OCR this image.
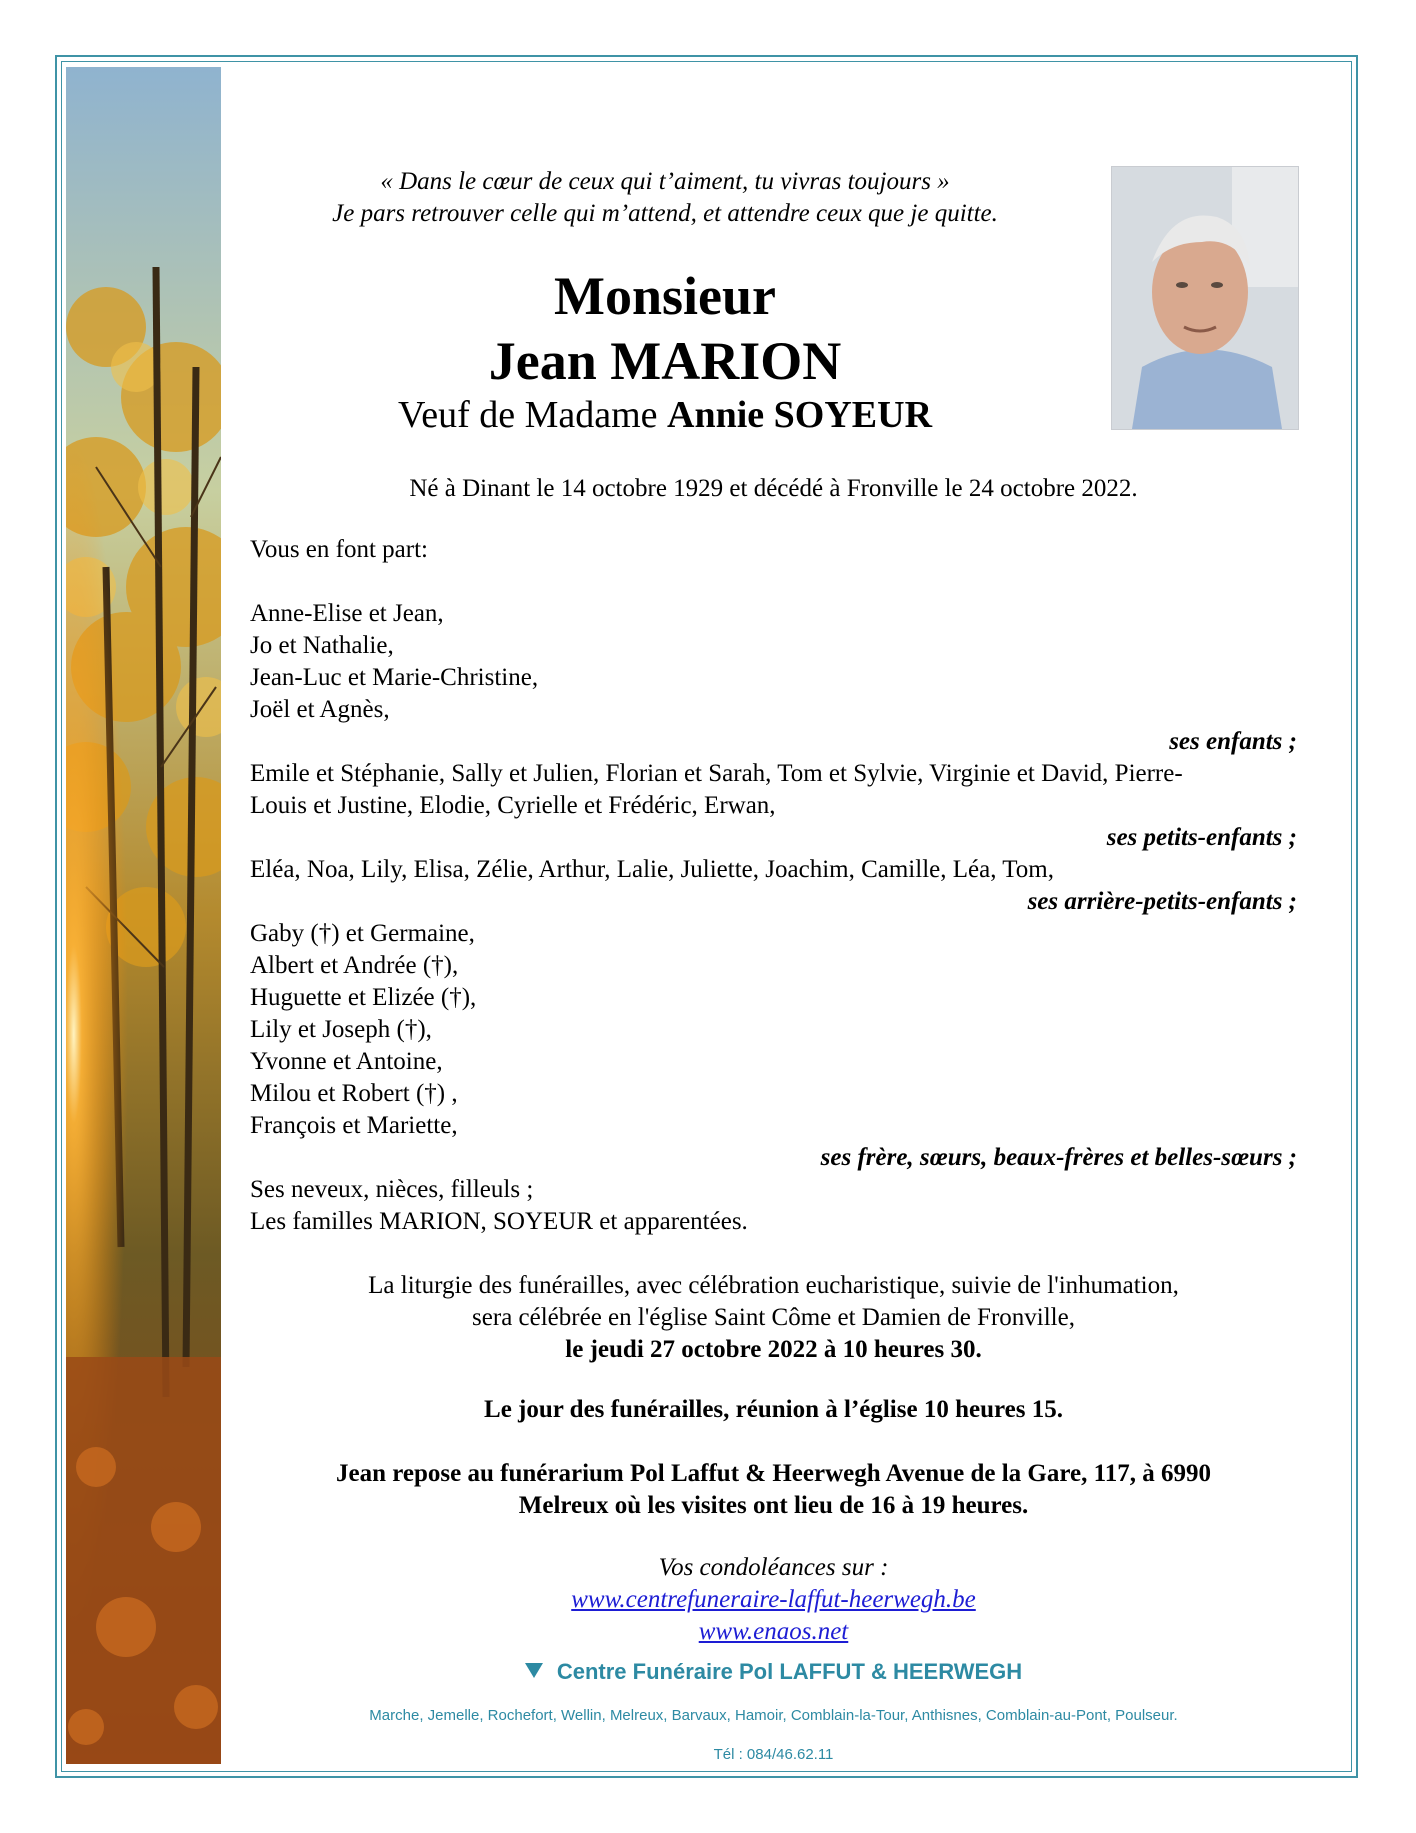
« Dans le cœur de ceux qui t’aiment, tu vivras toujours »
Je pars retrouver celle qui m’attend, et attendre ceux que je quitte.
Monsieur
Jean MARION
Veuf de Madame Annie SOYEUR
Né à Dinant le 14 octobre 1929 et décédé à Fronville le 24 octobre 2022.
Vous en font part:
Anne-Elise et Jean,
Jo et Nathalie,
Jean-Luc et Marie-Christine,
Joël et Agnès,
ses enfants ;
Emile et Stéphanie, Sally et Julien, Florian et Sarah, Tom et Sylvie, Virginie et David, Pierre-
Louis et Justine, Elodie, Cyrielle et Frédéric, Erwan,
ses petits-enfants ;
Eléa, Noa, Lily, Elisa, Zélie, Arthur, Lalie, Juliette, Joachim, Camille, Léa, Tom,
ses arrière-petits-enfants ;
Gaby (†) et Germaine,
Albert et Andrée (†),
Huguette et Elizée (†),
Lily et Joseph (†),
Yvonne et Antoine,
Milou et Robert (†) ,
François et Mariette,
ses frère, sœurs, beaux-frères et belles-sœurs ;
Ses neveux, nièces, filleuls ;
Les familles MARION, SOYEUR et apparentées.
La liturgie des funérailles, avec célébration eucharistique, suivie de l'inhumation,
sera célébrée en l'église Saint Côme et Damien de Fronville,
le jeudi 27 octobre 2022 à 10 heures 30.
Le jour des funérailles, réunion à l’église 10 heures 15.
Jean repose au funérarium Pol Laffut & Heerwegh Avenue de la Gare, 117, à 6990
Melreux où les visites ont lieu de 16 à 19 heures.
Vos condoléances sur :
www.centrefuneraire-laffut-heerwegh.be
www.enaos.net
Centre Funéraire Pol LAFFUT & HEERWEGH
Marche, Jemelle, Rochefort, Wellin, Melreux, Barvaux, Hamoir, Comblain-la-Tour, Anthisnes, Comblain-au-Pont, Poulseur.
Tél : 084/46.62.11
